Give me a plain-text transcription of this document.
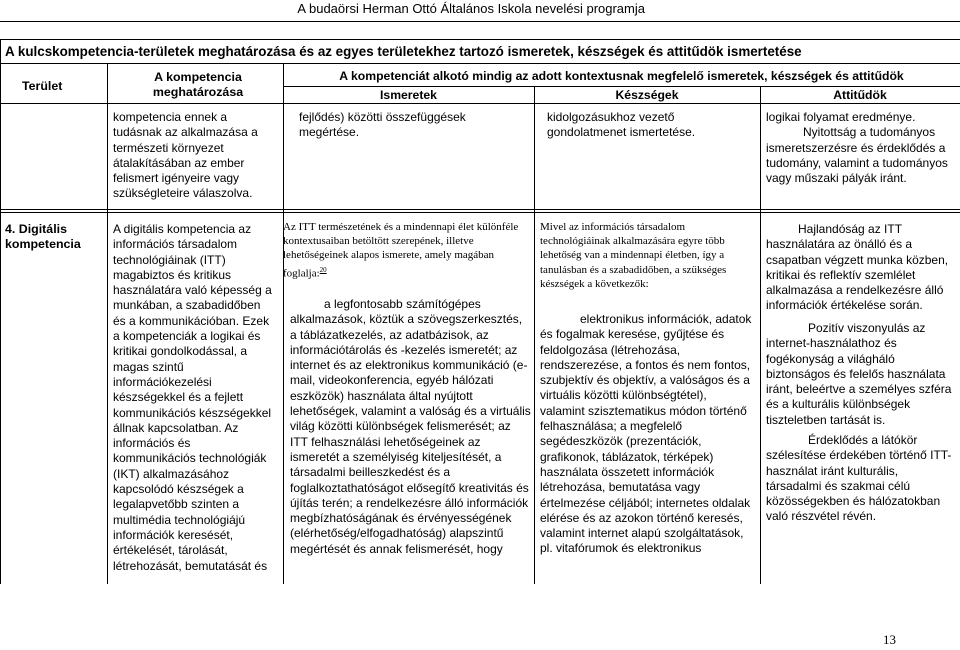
A budaörsi Herman Ottó Általános Iskola nevelési programja
A kulcskompetencia-területek meghatározása és az egyes területekhez tartozó ismeretek, készségek és attitűdök ismertetése
Terület
A kompetencia
meghatározása
A kompetenciát alkotó mindig az adott kontextusnak megfelelő ismeretek, készségek és attitűdök
Ismeretek	Készségek	Attitűdök
kompetencia ennek a tudásnak az alkalmazása a természeti környezet átalakításában az ember felismert igényeire vagy szükségleteire válaszolva.
fejlődés) közötti összefüggések megértése.
kidolgozásukhoz vezető gondolatmenet ismertetése.
logikai folyamat eredménye.
Nyitottság a tudományos ismeretszerzésre és érdeklődés a tudomány, valamint a tudományos vagy műszaki pályák iránt.
4. Digitális kompetencia
A digitális kompetencia az információs társadalom technológiáinak (ITT) magabiztos és kritikus használatára való képesség a munkában, a szabadidőben és a kommunikációban. Ezek a kompetenciák a logikai és kritikai gondolkodással, a magas szintű információkezelési készségekkel és a fejlett kommunikációs készségekkel állnak kapcsolatban. Az információs és kommunikációs technológiák (IKT) alkalmazásához kapcsolódó készségek a legalapvetőbb szinten a multimédia technológiájú információk keresését, értékelését, tárolását, létrehozását, bemutatását és
Az ITT természetének és a mindennapi élet különféle kontextusaiban betöltött szerepének, illetve lehetőségeinek alapos ismerete, amely magában foglalja:$^{20}$
a legfontosabb számítógépes alkalmazások, köztük a szövegszerkesztés, a táblázatkezelés, az adatbázisok, az információtárolás és -kezelés ismeretét; az internet és az elektronikus kommunikáció (e-mail, videokonferencia, egyéb hálózati eszközök) használata által nyújtott lehetőségek, valamint a valóság és a virtuális világ közötti különbségek felismerését; az ITT felhasználási lehetőségeinek az ismeretét a személyiség kiteljesítését, a társadalmi beilleszkedést és a foglalkoztathatóságot elősegítő kreativitás és újítás terén; a rendelkezésre álló információk megbízhatóságának és érvényességének (elérhetőség/elfogadhatóság) alapszintű megértését és annak felismerését, hogy
Mivel az információs társadalom technológiáinak alkalmazására egyre több lehetőség van a mindennapi életben, így a tanulásban és a szabadidőben, a szükséges készségek a következők:
elektronikus információk, adatok és fogalmak keresése, gyűjtése és feldolgozása (létrehozása, rendszerezése, a fontos és nem fontos, szubjektív és objektív, a valóságos és a virtuális közötti különbségtétel), valamint szisztematikus módon történő felhasználása; a megfelelő segédeszközök (prezentációk, grafikonok, táblázatok, térképek) használata összetett információk létrehozása, bemutatása vagy értelmezése céljából; internetes oldalak elérése és az azokon történő keresés, valamint internet alapú szolgáltatások, pl. vitafórumok és elektronikus
Hajlandóság az ITT használatára az önálló és a csapatban végzett munka közben, kritikai és reflektív szemlélet alkalmazása a rendelkezésre álló információk értékelése során.
Pozitív viszonyulás az internet-használathoz és fogékonyság a világháló biztonságos és felelős használata iránt, beleértve a személyes szféra és a kulturális különbségek tiszteletben tartását is.
Érdeklődés a látókör szélesítése érdekében történő ITT-használat iránt kulturális, társadalmi és szakmai célú közösségekben és hálózatokban való részvétel révén.
13
